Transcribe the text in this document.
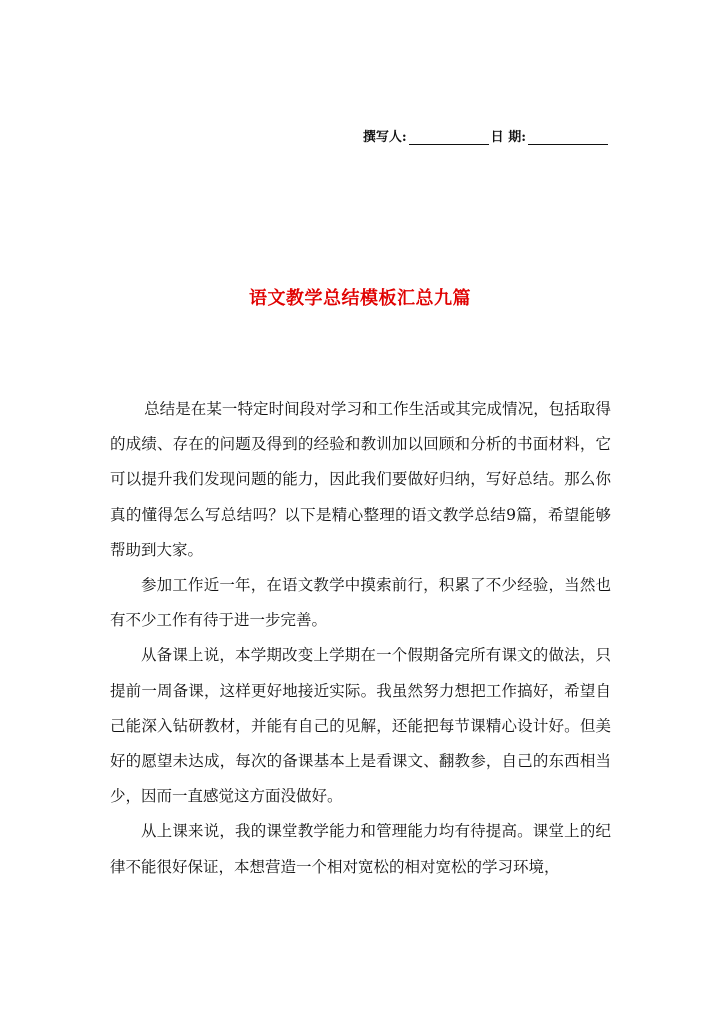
撰写人:	日 期:
语文教学总结模板汇总九篇

总结是在某一特定时间段对学习和工作生活或其完成情况，包括取得的成绩、存在的问题及得到的经验和教训加以回顾和分析的书面材料，它可以提升我们发现问题的能力，因此我们要做好归纳，写好总结。那么你真的懂得怎么写总结吗？以下是精心整理的语文教学总结9篇，希望能够帮助到大家。

参加工作近一年，在语文教学中摸索前行，积累了不少经验，当然也有不少工作有待于进一步完善。

从备课上说，本学期改变上学期在一个假期备完所有课文的做法，只提前一周备课，这样更好地接近实际。我虽然努力想把工作搞好，希望自己能深入钻研教材，并能有自己的见解，还能把每节课精心设计好。但美好的愿望未达成，每次的备课基本上是看课文、翻教参，自己的东西相当少，因而一直感觉这方面没做好。

从上课来说，我的课堂教学能力和管理能力均有待提高。课堂上的纪律不能很好保证，本想营造一个相对宽松的相对宽松的学习环境，
